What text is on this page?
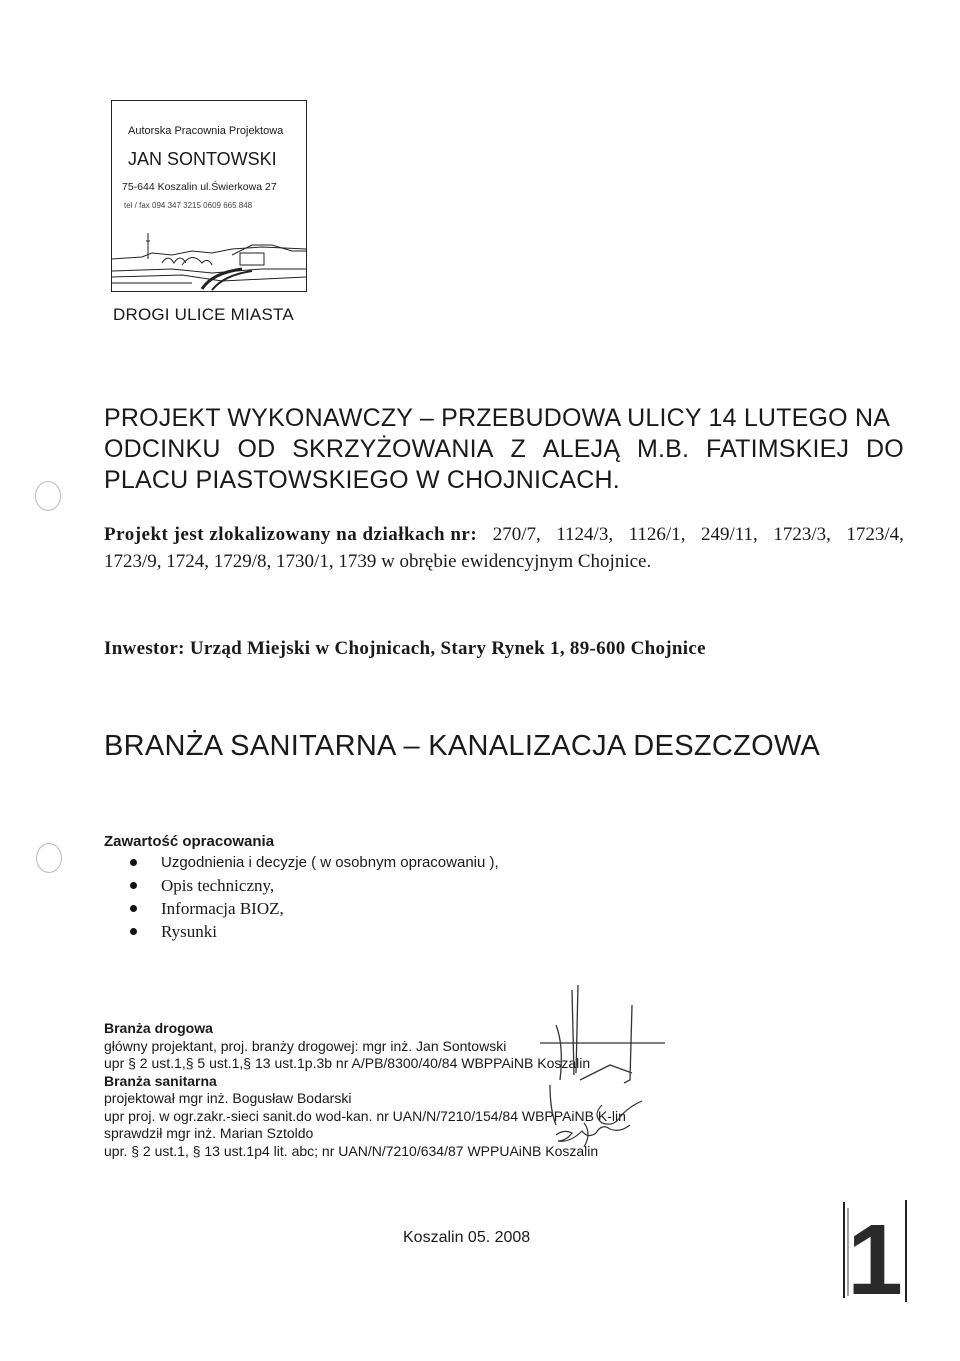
Autorska Pracownia Projektowa
JAN SONTOWSKI
75-644 Koszalin ul.Świerkowa 27
tel / fax 094 347 3215 0609 665 848
DROGI ULICE MIASTA
PROJEKT WYKONAWCZY – PRZEBUDOWA ULICY 14 LUTEGO NA
ODCINKU OD SKRZYŻOWANIA Z ALEJĄ M.B. FATIMSKIEJ DO
PLACU PIASTOWSKIEGO W CHOJNICACH.
Projekt jest zlokalizowany na działkach nr: 270/7, 1124/3, 1126/1, 249/11, 1723/3, 1723/4,
1723/9, 1724, 1729/8, 1730/1, 1739 w obrębie ewidencyjnym Chojnice.
Inwestor: Urząd Miejski w Chojnicach, Stary Rynek 1, 89-600 Chojnice
BRANŻA SANITARNA – KANALIZACJA DESZCZOWA
Zawartość opracowania
Uzgodnienia i decyzje ( w osobnym opracowaniu ),
Opis techniczny,
Informacja BIOZ,
Rysunki
Branża drogowa
główny projektant, proj. branży drogowej: mgr inż. Jan Sontowski
upr § 2 ust.1,§ 5 ust.1,§ 13 ust.1p.3b nr A/PB/8300/40/84 WBPPAiNB Koszalin
Branża sanitarna
projektował mgr inż. Bogusław Bodarski
upr proj. w ogr.zakr.-sieci sanit.do wod-kan. nr UAN/N/7210/154/84 WBPPAiNB K-lin
sprawdził mgr inż. Marian Sztoldo
upr. § 2 ust.1, § 13 ust.1p4 lit. abc; nr UAN/N/7210/634/87 WPPUAiNB Koszalin
Koszalin 05. 2008	1
